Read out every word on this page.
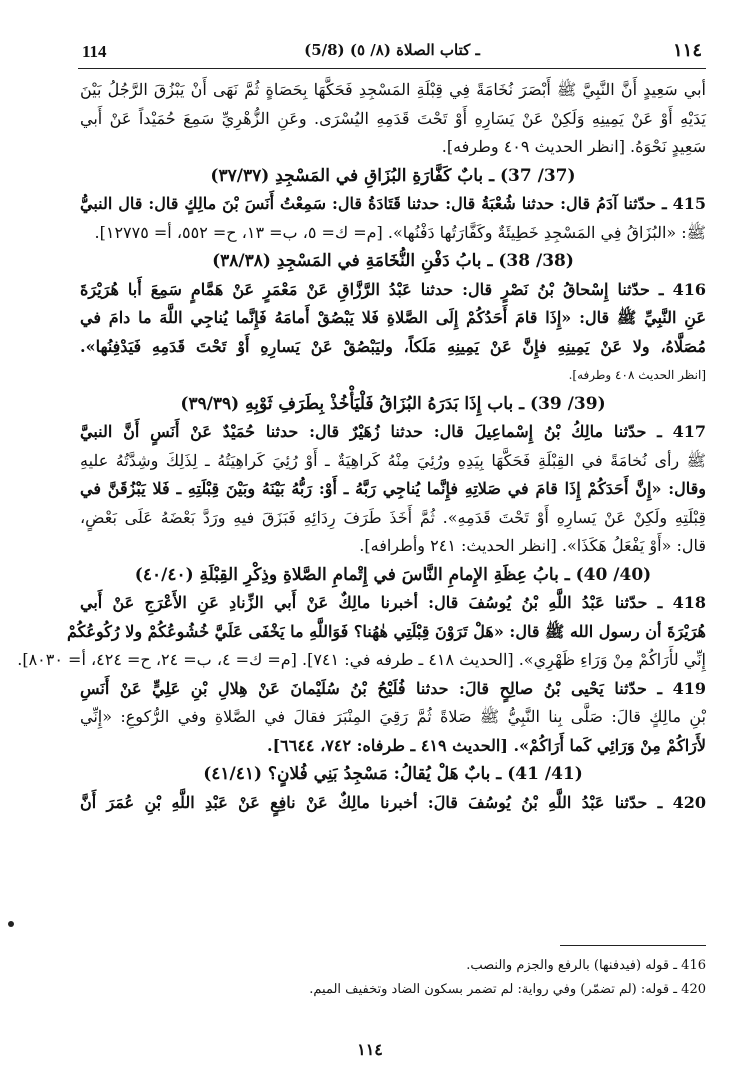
114	(5/8) ـ كتاب الصلاة (٨/ ٥)	١١٤
أبي سَعِيدٍ أَنَّ النَّبِيَّ ﷺ أَبْصَرَ نُخَامَةً فِي قِبْلَةِ المَسْجِدِ فَحَكَّهَا بِحَصَاةٍ ثُمَّ نَهَى أَنْ يَبْزُقَ الرَّجُلُ بَيْنَ
يَدَيْهِ أَوْ عَنْ يَمِينِهِ وَلَكِنْ عَنْ يَسَارِهِ أَوْ تَحْتَ قَدَمِهِ اليُسْرَى. وعَنِ الزُّهْرِيِّ سَمِعَ حُمَيْداً عَنْ أَبي
سَعِيدٍ نَحْوَهُ. [انظر الحديث ٤٠٩ وطرفه].
(37/ 37) ـ بابٌ كَفَّارَةِ البُزَاقِ في المَسْجِدِ (٣٧/٣٧)
415 ـ حدّثنا آدَمُ قال: حدثنا شُعْبَةُ قال: حدثنا قَتَادَةُ قال: سَمِعْتُ أَنَسَ بْنَ مالِكٍ قال: قال النبيُّ
ﷺ: «البُزَاقُ فِي المَسْجِدِ خَطِيئَةٌ وكَفَّارَتُها دَفْنُها». [م= ك= ٥، ب= ١٣، ح= ٥٥٢، أ= ١٢٧٧٥].
(38/ 38) ـ بابُ دَفْنِ النُّخَامَةِ في المَسْجِدِ (٣٨/٣٨)
416 ـ حدّثنا إِسْحاقُ بْنُ نَصْرٍ قال: حدثنا عَبْدُ الرَّزَّاقِ عَنْ مَعْمَرٍ عَنْ هَمَّامٍ سَمِعَ أَبا هُرَيْرَةَ
عَنِ النَّبِيِّ ﷺ قال: «إِذَا قامَ أَحَدُكُمْ إِلَى الصَّلاةِ فَلا يَبْصُقْ أَمامَهُ فَإِنَّما يُناجِي اللَّهَ ما دامَ في
مُصَلَّاهُ، ولا عَنْ يَمِينِهِ فإِنَّ عَنْ يَمِينِهِ مَلَكاً، وليَبْصُقْ عَنْ يَسارِهِ أَوْ تَحْتَ قَدَمِهِ فَيَدْفِنُها».
[انظر الحديث ٤٠٨ وطرفه].
(39/ 39) ـ باب إِذَا بَدَرَهُ البُزَاقُ فَلْيَأْخُذْ بِطَرَفِ ثَوْبِهِ (٣٩/٣٩)
417 ـ حدّثنا مالِكُ بْنُ إِسْماعِيلَ قال: حدثنا زُهَيْرٌ قال: حدثنا حُمَيْدٌ عَنْ أَنَسٍ أَنَّ النبيَّ
ﷺ رأى نُخامَةً في القِبْلَةِ فَحَكَّهَا بِيَدِهِ ورُئِيَ مِنْهُ كَراهِيَةٌ ـ أَوْ رُئِيَ كَراهِيَتُهُ ـ لِذَلِكَ وشِدَّتُهُ عليهِ
وقال: «إِنَّ أَحَدَكُمْ إِذَا قامَ في صَلاتِهِ فإِنَّما يُناجِي رَبَّهُ ـ أَوْ: رَبُّهُ بَيْنَهُ وبَيْنَ قِبْلَتِهِ ـ فَلا يَبْزُقَنَّ في
قِبْلَتِهِ ولَكِنْ عَنْ يَسارِهِ أَوْ تَحْتَ قَدَمِهِ». ثُمَّ أَخَذَ طَرَفَ رِدَائِهِ فَبَزَقَ فيهِ ورَدَّ بَعْضَهُ عَلَى بَعْضٍ،
قال: «أَوْ يَفْعَلُ هَكَذَا». [انظر الحديث: ٢٤١ وأطرافه].
(40/ 40) ـ بابُ عِظَةِ الإِمامِ النَّاسَ في إِتْمامِ الصَّلاةِ وذِكْرِ القِبْلَةِ (٤٠/٤٠)
418 ـ حدّثنا عَبْدُ اللَّهِ بْنُ يُوسُفَ قال: أخبرنا مالِكٌ عَنْ أَبي الزِّنادِ عَنِ الأَعْرَجِ عَنْ أَبي
هُرَيْرَةَ أن رسول الله ﷺ قال: «هَلْ تَرَوْنَ قِبْلَتِي هٰهُنا؟ فَوَاللَّهِ ما يَخْفَى عَلَيَّ خُشُوعُكُمْ ولا رُكُوعُكُمْ
إِنِّي لأَرَاكُمْ مِنْ وَرَاءِ ظَهْرِي». [الحديث ٤١٨ ـ طرفه في: ٧٤١]. [م= ك= ٤، ب= ٢٤، ح= ٤٢٤، أ= ٨٠٣٠].
419 ـ حدّثنا يَحْيى بْنُ صالِحٍ قالَ: حدثنا فُلَيْحُ بْنُ سُلَيْمانَ عَنْ هِلالِ بْنِ عَلِيٍّ عَنْ أَنَسِ
بْنِ مالِكٍ قالَ: صَلَّى بِنا النَّبِيُّ ﷺ صَلاةً ثُمَّ رَقِيَ المِنْبَرَ فقالَ في الصَّلاةِ وفي الرُّكوعِ: «إِنِّي
لأَرَاكُمْ مِنْ وَرَائِي كَما أَرَاكُمْ». [الحديث ٤١٩ ـ طرفاه: ٧٤٢، ٦٦٤٤].
(41/ 41) ـ بابٌ هَلْ يُقالُ: مَسْجِدُ بَنِي فُلانٍ؟ (٤١/٤١)
420 ـ حدّثنا عَبْدُ اللَّهِ بْنُ يُوسُفَ قالَ: أخبرنا مالِكٌ عَنْ نافِعٍ عَنْ عَبْدِ اللَّهِ بْنِ عُمَرَ أَنَّ
416 ـ قوله (فيدفنها) بالرفع والجزم والنصب.
420 ـ قوله: (لم تضمّر) وفي رواية: لم تضمر بسكون الضاد وتخفيف الميم.
١١٤
